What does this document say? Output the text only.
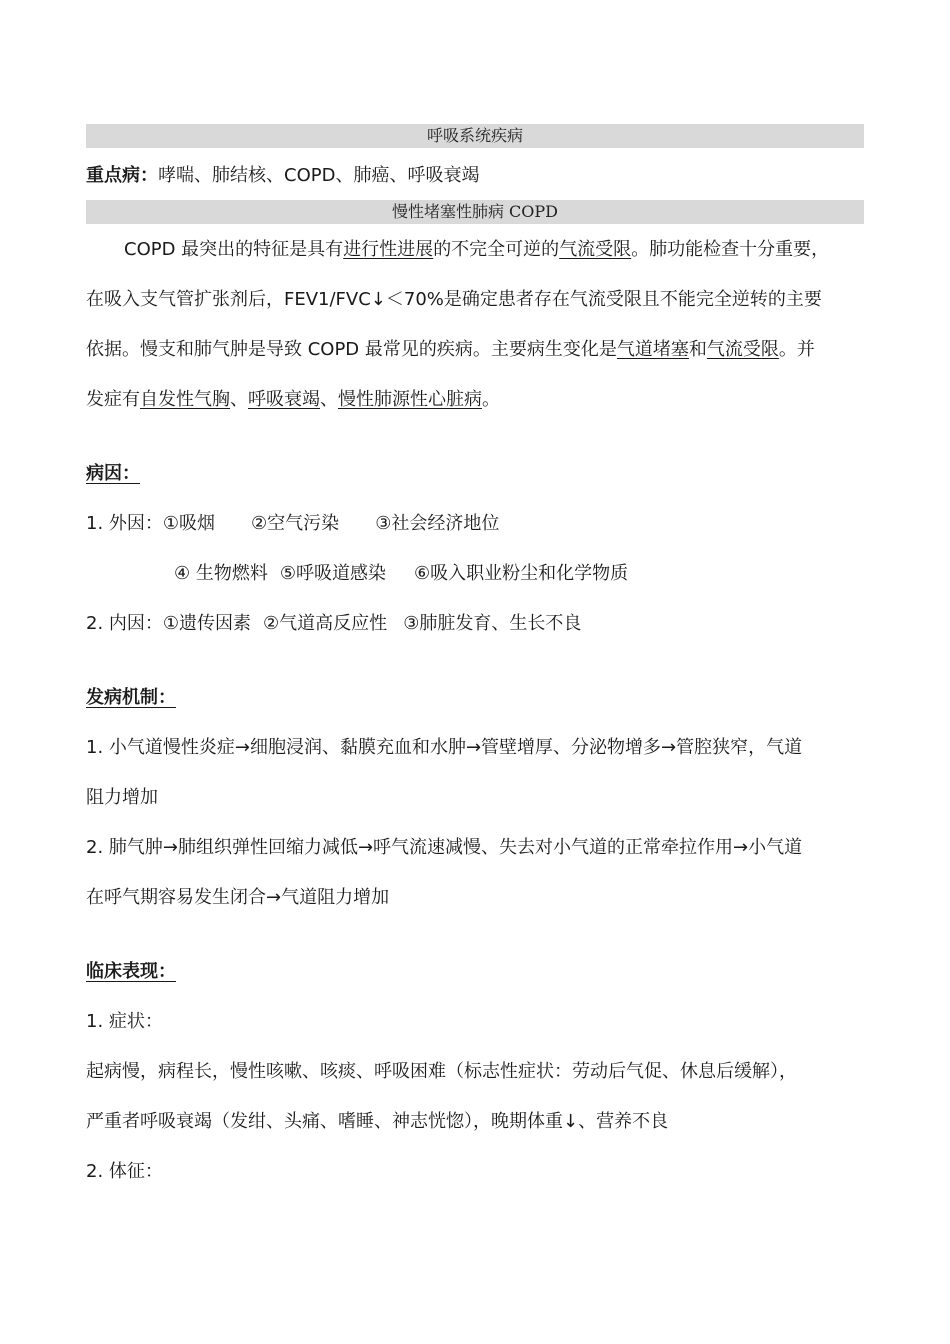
呼吸系统疾病
重点病：哮喘、肺结核、COPD、肺癌、呼吸衰竭
慢性堵塞性肺病 COPD
COPD 最突出的特征是具有进行性进展的不完全可逆的气流受限。肺功能检查十分重要，
在吸入支气管扩张剂后，FEV1/FVC↓＜70%是确定患者存在气流受限且不能完全逆转的主要
依据。慢支和肺气肿是导致 COPD 最常见的疾病。主要病生变化是气道堵塞和气流受限。并
发症有自发性气胸、呼吸衰竭、慢性肺源性心脏病。
病因：
1. 外因：①吸烟 ②空气污染 ③社会经济地位
④ 生物燃料 ⑤呼吸道感染 ⑥吸入职业粉尘和化学物质
2. 内因：①遗传因素 ②气道高反应性 ③肺脏发育、生长不良
发病机制：
1. 小气道慢性炎症→细胞浸润、黏膜充血和水肿→管壁增厚、分泌物增多→管腔狭窄，气道
阻力增加
2. 肺气肿→肺组织弹性回缩力减低→呼气流速减慢、失去对小气道的正常牵拉作用→小气道
在呼气期容易发生闭合→气道阻力增加
临床表现：
1. 症状：
起病慢，病程长，慢性咳嗽、咳痰、呼吸困难（标志性症状：劳动后气促、休息后缓解），
严重者呼吸衰竭（发绀、头痛、嗜睡、神志恍惚），晚期体重↓、营养不良
2. 体征：
